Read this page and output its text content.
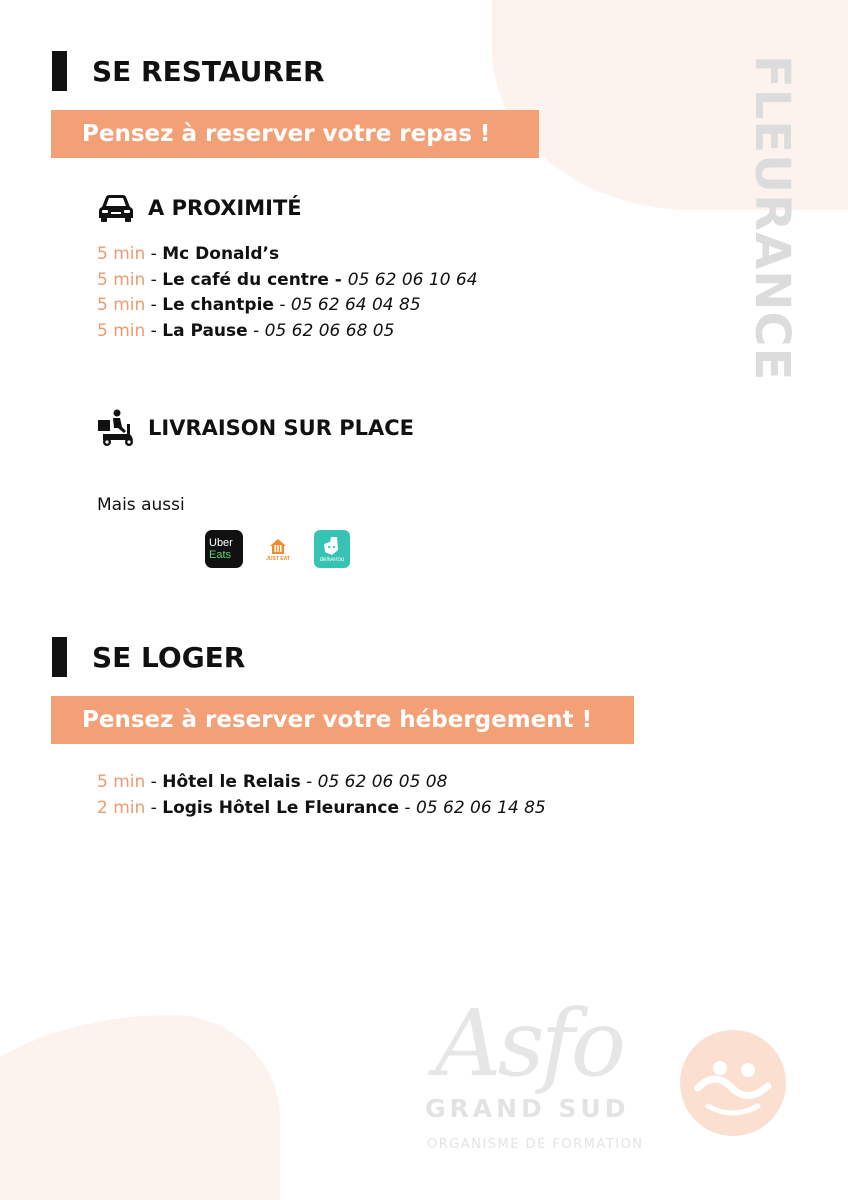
FLEURANCE
SE RESTAURER
Pensez à reserver votre repas !
A PROXIMITÉ
5 min - Mc Donald’s
5 min - Le café du centre - 05 62 06 10 64
5 min - Le chantpie - 05 62 64 04 85
5 min - La Pause - 05 62 06 68 05
LIVRAISON SUR PLACE
Mais aussi
Uber
Eats	JUST EAT	deliveroo
SE LOGER
Pensez à reserver votre hébergement !
5 min - Hôtel le Relais - 05 62 06 05 08
2 min - Logis Hôtel Le Fleurance - 05 62 06 14 85
Asfo
GRAND SUD
ORGANISME DE FORMATION
